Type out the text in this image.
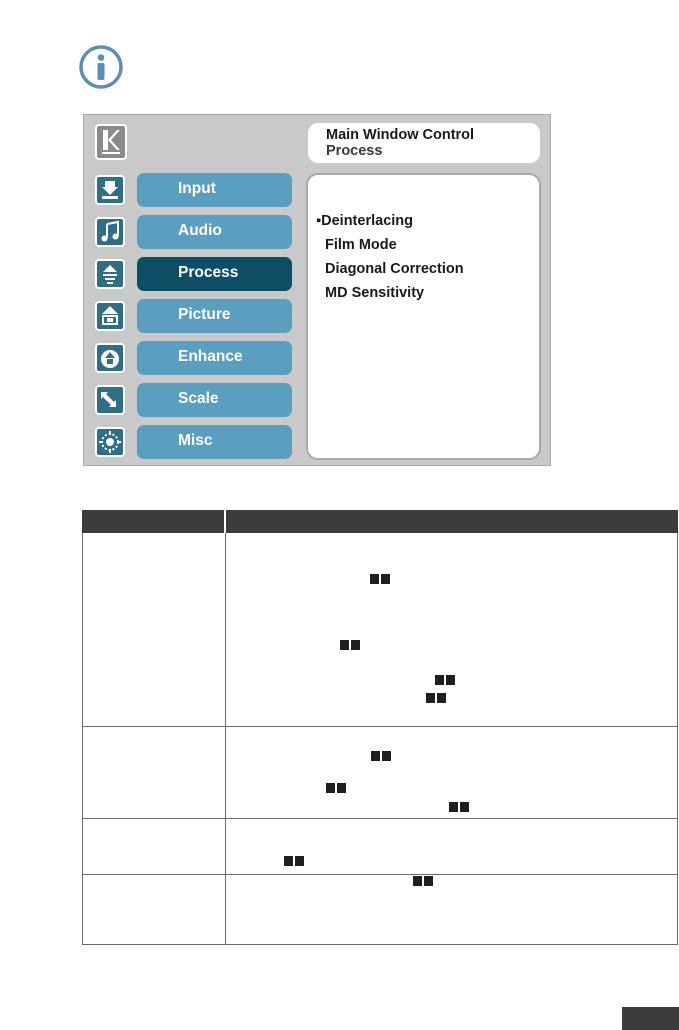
Main Window Control
Process
Input
Audio
Process
Picture
Enhance
Scale
Misc
▪Deinterlacing
Film Mode
Diagonal Correction
MD Sensitivity
